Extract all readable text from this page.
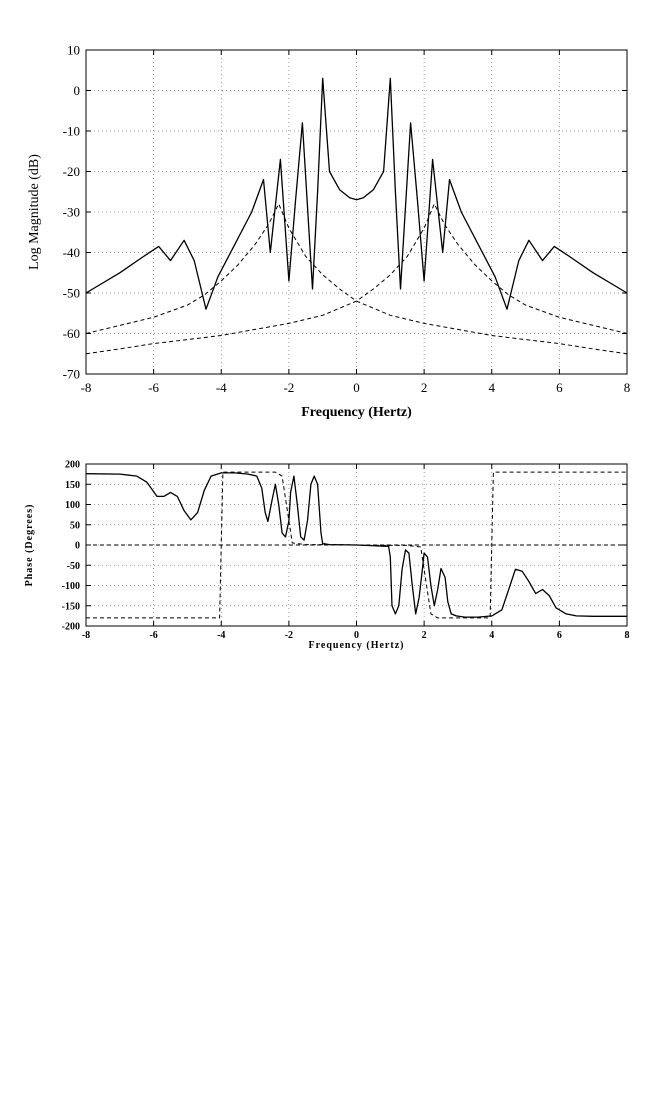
-8	-6	-4	-2	0	2	4	6	8
10
0
-10
-20
-30
-40
-50
-60
-70
Frequency (Hertz)
Log Magnitude (dB)
-8	-6	-4	-2	0	2	4	6	8
200
150
100
50
0
-50
-100
-150
-200
Frequency (Hertz)
Phase (Degrees)
